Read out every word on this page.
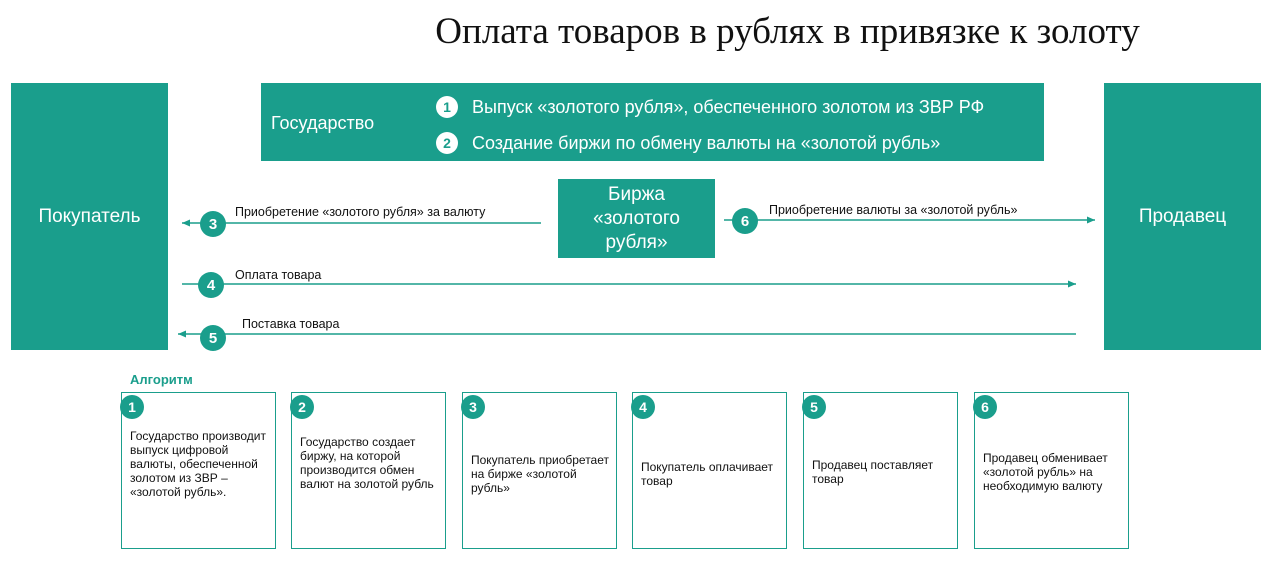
Оплата товаров в рублях в привязке к золоту
Покупатель	Продавец
Государство
1	Выпуск «золотого рубля», обеспеченного золотом из ЗВР РФ
2	Создание биржи по обмену валюты на «золотой рубль»
Биржа
«золотого
рубля»
3
Приобретение «золотого рубля» за валюту
6
Приобретение валюты за «золотой рубль»
4
Оплата товара
5
Поставка товара
Алгоритм
1
Государство производит выпуск цифровой валюты, обеспеченной золотом из ЗВР – «золотой рубль».
2
Государство создает биржу, на которой производится обмен валют на золотой рубль
3
Покупатель приобретает на бирже «золотой рубль»
4
Покупатель оплачивает товар
5
Продавец поставляет товар
6
Продавец обменивает «золотой рубль» на необходимую валюту
